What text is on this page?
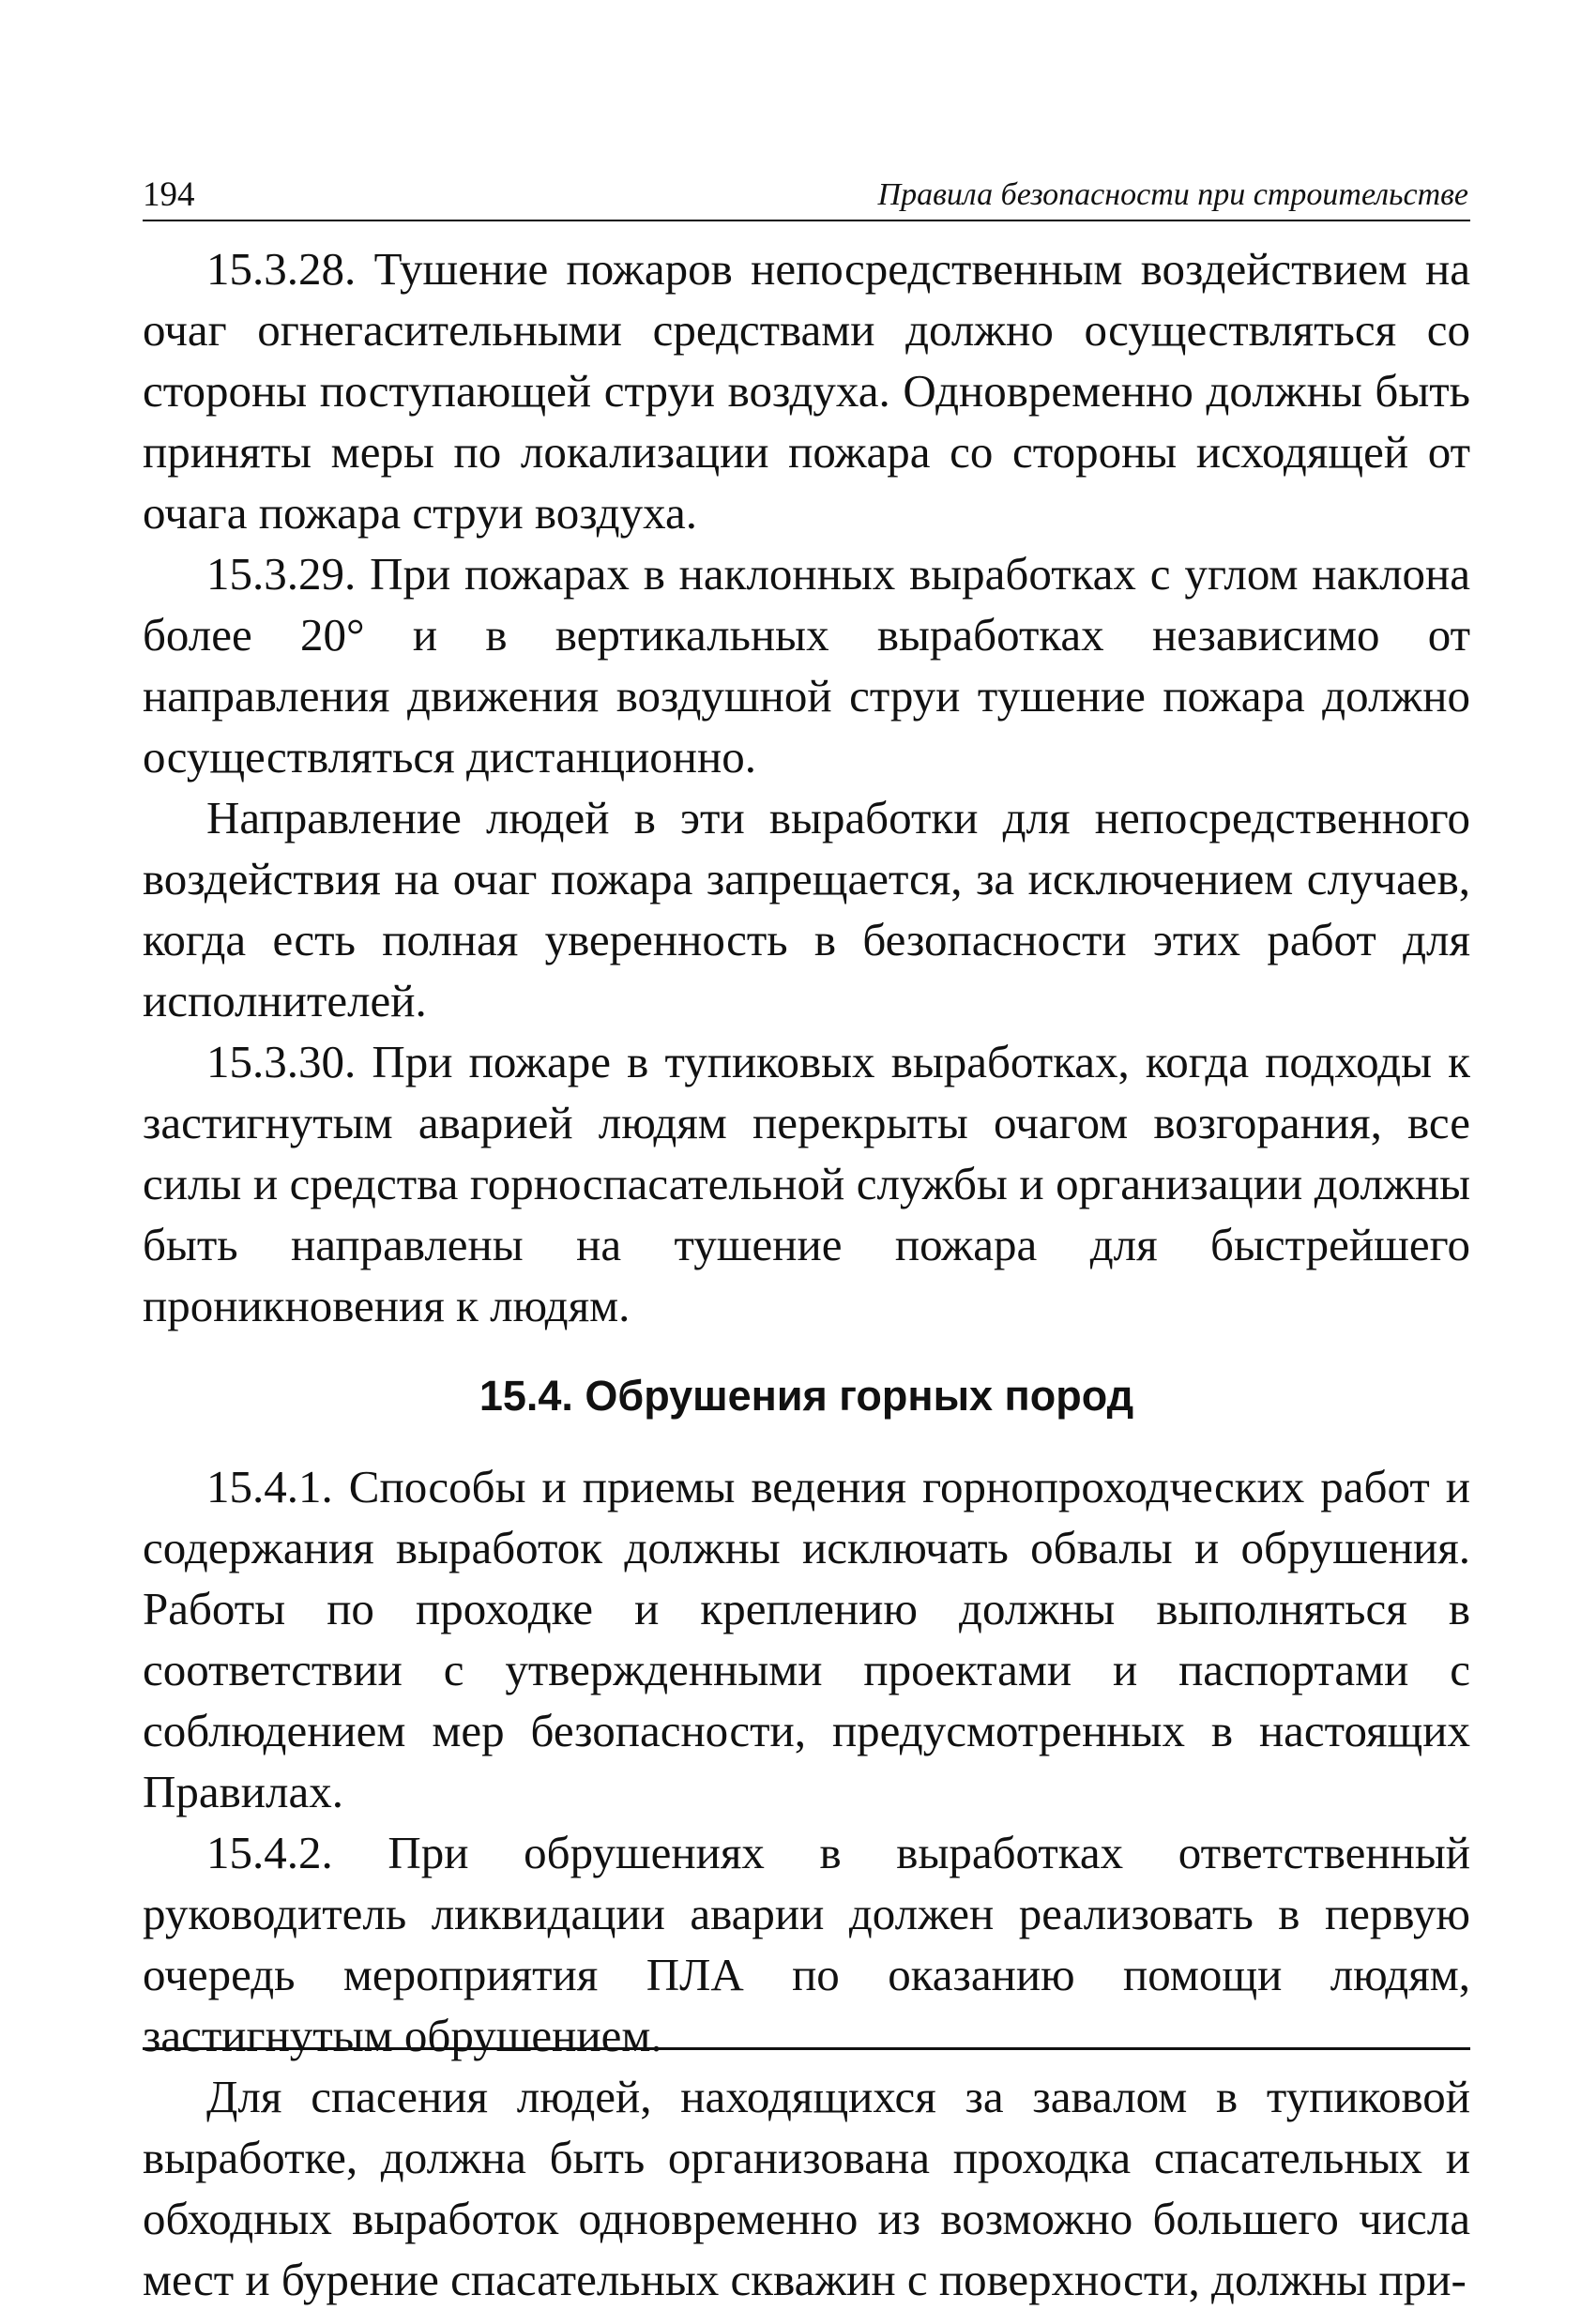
194	Правила безопасности при строительстве

15.3.28. Тушение пожаров непосредственным воздействием на очаг огнегасительными средствами должно осуществляться со стороны поступающей струи воздуха. Одновременно должны быть приняты меры по локализации пожара со стороны исходящей от очага пожара струи воздуха.

15.3.29. При пожарах в наклонных выработках с углом наклона более 20° и в вертикальных выработках независимо от направления движения воздушной струи тушение пожара должно осуществляться дистанционно.

Направление людей в эти выработки для непосредственного воздействия на очаг пожара запрещается, за исключением случаев, когда есть полная уверенность в безопасности этих работ для исполнителей.

15.3.30. При пожаре в тупиковых выработках, когда подходы к застигнутым аварией людям перекрыты очагом возгорания, все силы и средства горноспасательной службы и организации должны быть направлены на тушение пожара для быстрейшего проникновения к людям.

15.4. Обрушения горных пород

15.4.1. Способы и приемы ведения горнопроходческих работ и содержания выработок должны исключать обвалы и обрушения. Работы по проходке и креплению должны выполняться в соответствии с утвержденными проектами и паспортами с соблюдением мер безопасности, предусмотренных в настоящих Правилах.

15.4.2. При обрушениях в выработках ответственный руководитель ликвидации аварии должен реализовать в первую очередь мероприятия ПЛА по оказанию помощи людям, застигнутым обрушением.

Для спасения людей, находящихся за завалом в тупиковой выработке, должна быть организована проходка спасательных и обходных выработок одновременно из возможно большего числа мест и бурение спасательных скважин с поверхности, должны при-
